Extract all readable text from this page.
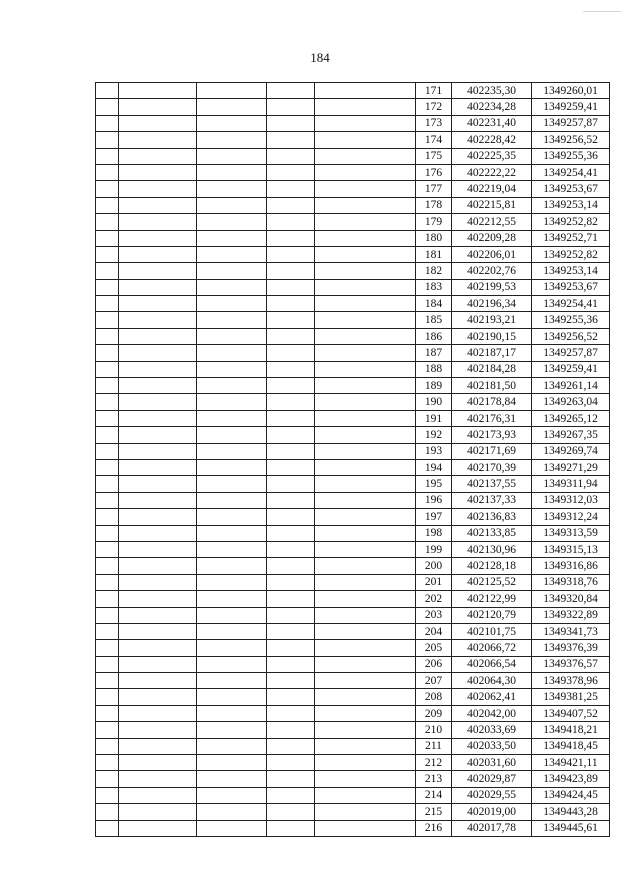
184
					171	402235,30	1349260,01
					172	402234,28	1349259,41
					173	402231,40	1349257,87
					174	402228,42	1349256,52
					175	402225,35	1349255,36
					176	402222,22	1349254,41
					177	402219,04	1349253,67
					178	402215,81	1349253,14
					179	402212,55	1349252,82
					180	402209,28	1349252,71
					181	402206,01	1349252,82
					182	402202,76	1349253,14
					183	402199,53	1349253,67
					184	402196,34	1349254,41
					185	402193,21	1349255,36
					186	402190,15	1349256,52
					187	402187,17	1349257,87
					188	402184,28	1349259,41
					189	402181,50	1349261,14
					190	402178,84	1349263,04
					191	402176,31	1349265,12
					192	402173,93	1349267,35
					193	402171,69	1349269,74
					194	402170,39	1349271,29
					195	402137,55	1349311,94
					196	402137,33	1349312,03
					197	402136,83	1349312,24
					198	402133,85	1349313,59
					199	402130,96	1349315,13
					200	402128,18	1349316,86
					201	402125,52	1349318,76
					202	402122,99	1349320,84
					203	402120,79	1349322,89
					204	402101,75	1349341,73
					205	402066,72	1349376,39
					206	402066,54	1349376,57
					207	402064,30	1349378,96
					208	402062,41	1349381,25
					209	402042,00	1349407,52
					210	402033,69	1349418,21
					211	402033,50	1349418,45
					212	402031,60	1349421,11
					213	402029,87	1349423,89
					214	402029,55	1349424,45
					215	402019,00	1349443,28
					216	402017,78	1349445,61
